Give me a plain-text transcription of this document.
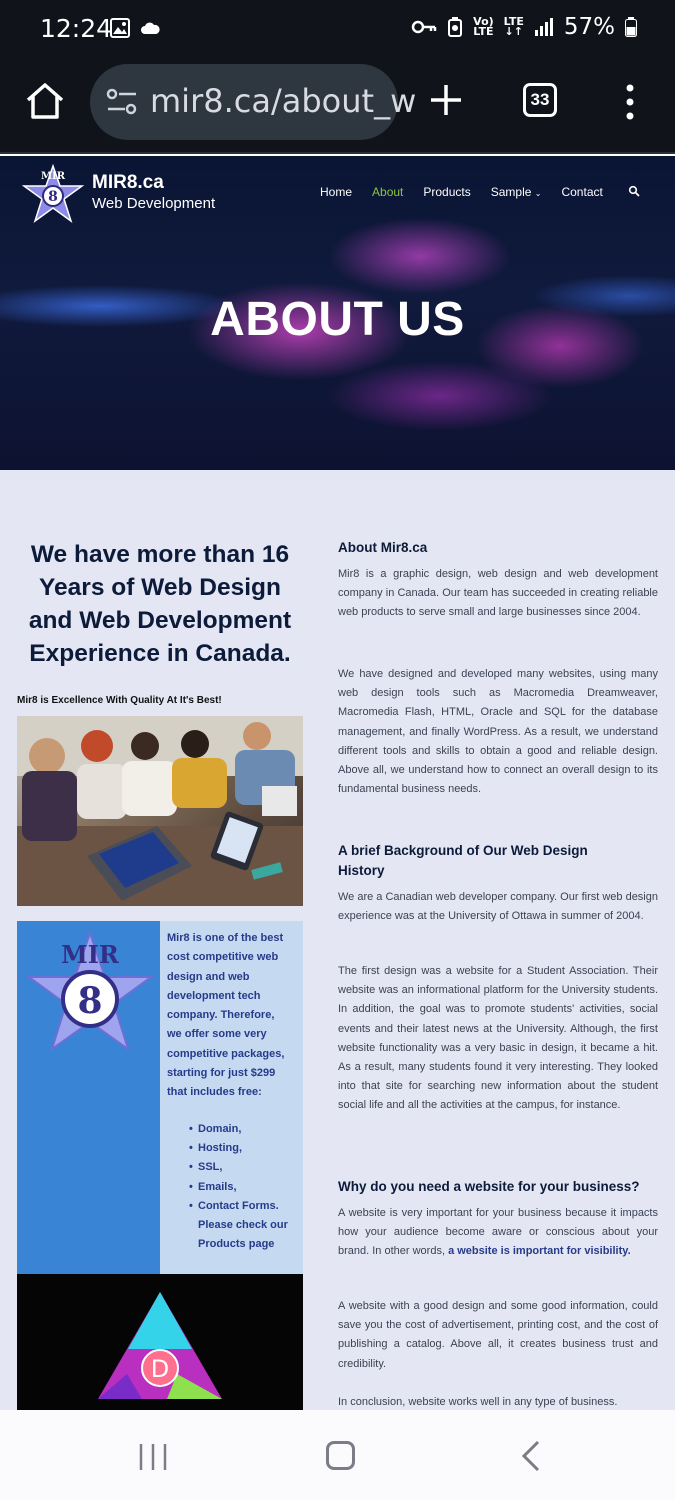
12:24	Vo)
LTE
LTE
↓↑ 57%
mir8.ca/about_w	33
8
MIR MIR8.ca
Web Development
Home About Products Sample ⌄ Contact
ABOUT US
We have more than 16
Years of Web Design
and Web Development
Experience in Canada.
Mir8 is Excellence With Quality At It's Best!
8
MIR
Mir8 is one of the best
cost competitive web
design and web
development tech
company. Therefore,
we offer some very
competitive packages,
starting for just $299
that includes free:
• Domain,
• Hosting,
• SSL,
• Emails,
• Contact Forms.
Please check our
Products page
D
About Mir8.ca
Mir8 is a graphic design, web design and web development company in Canada. Our team has succeeded in creating reliable web products to serve small and large businesses since 2004.
We have designed and developed many websites, using many web design tools such as Macromedia Dreamweaver, Macromedia Flash, HTML, Oracle and SQL for the database management, and finally WordPress. As a result, we understand different tools and skills to obtain a good and reliable design. Above all, we understand how to connect an overall design to its fundamental business needs.
A brief Background of Our Web Design
History
We are a Canadian web developer company. Our first web design experience was at the University of Ottawa in summer of 2004.
The first design was a website for a Student Association. Their website was an informational platform for the University students. In addition, the goal was to promote students' activities, social events and their latest news at the University. Although, the first website functionality was a very basic in design, it became a hit. As a result, many students found it very interesting. They looked into that site for searching new information about the student social life and all the activities at the campus, for instance.
Why do you need a website for your business?
A website is very important for your business because it impacts how your audience become aware or conscious about your brand. In other words, a website is important for visibility.
A website with a good design and some good information, could save you the cost of advertisement, printing cost, and the cost of publishing a catalog. Above all, it creates business trust and credibility.
In conclusion, website works well in any type of business.
